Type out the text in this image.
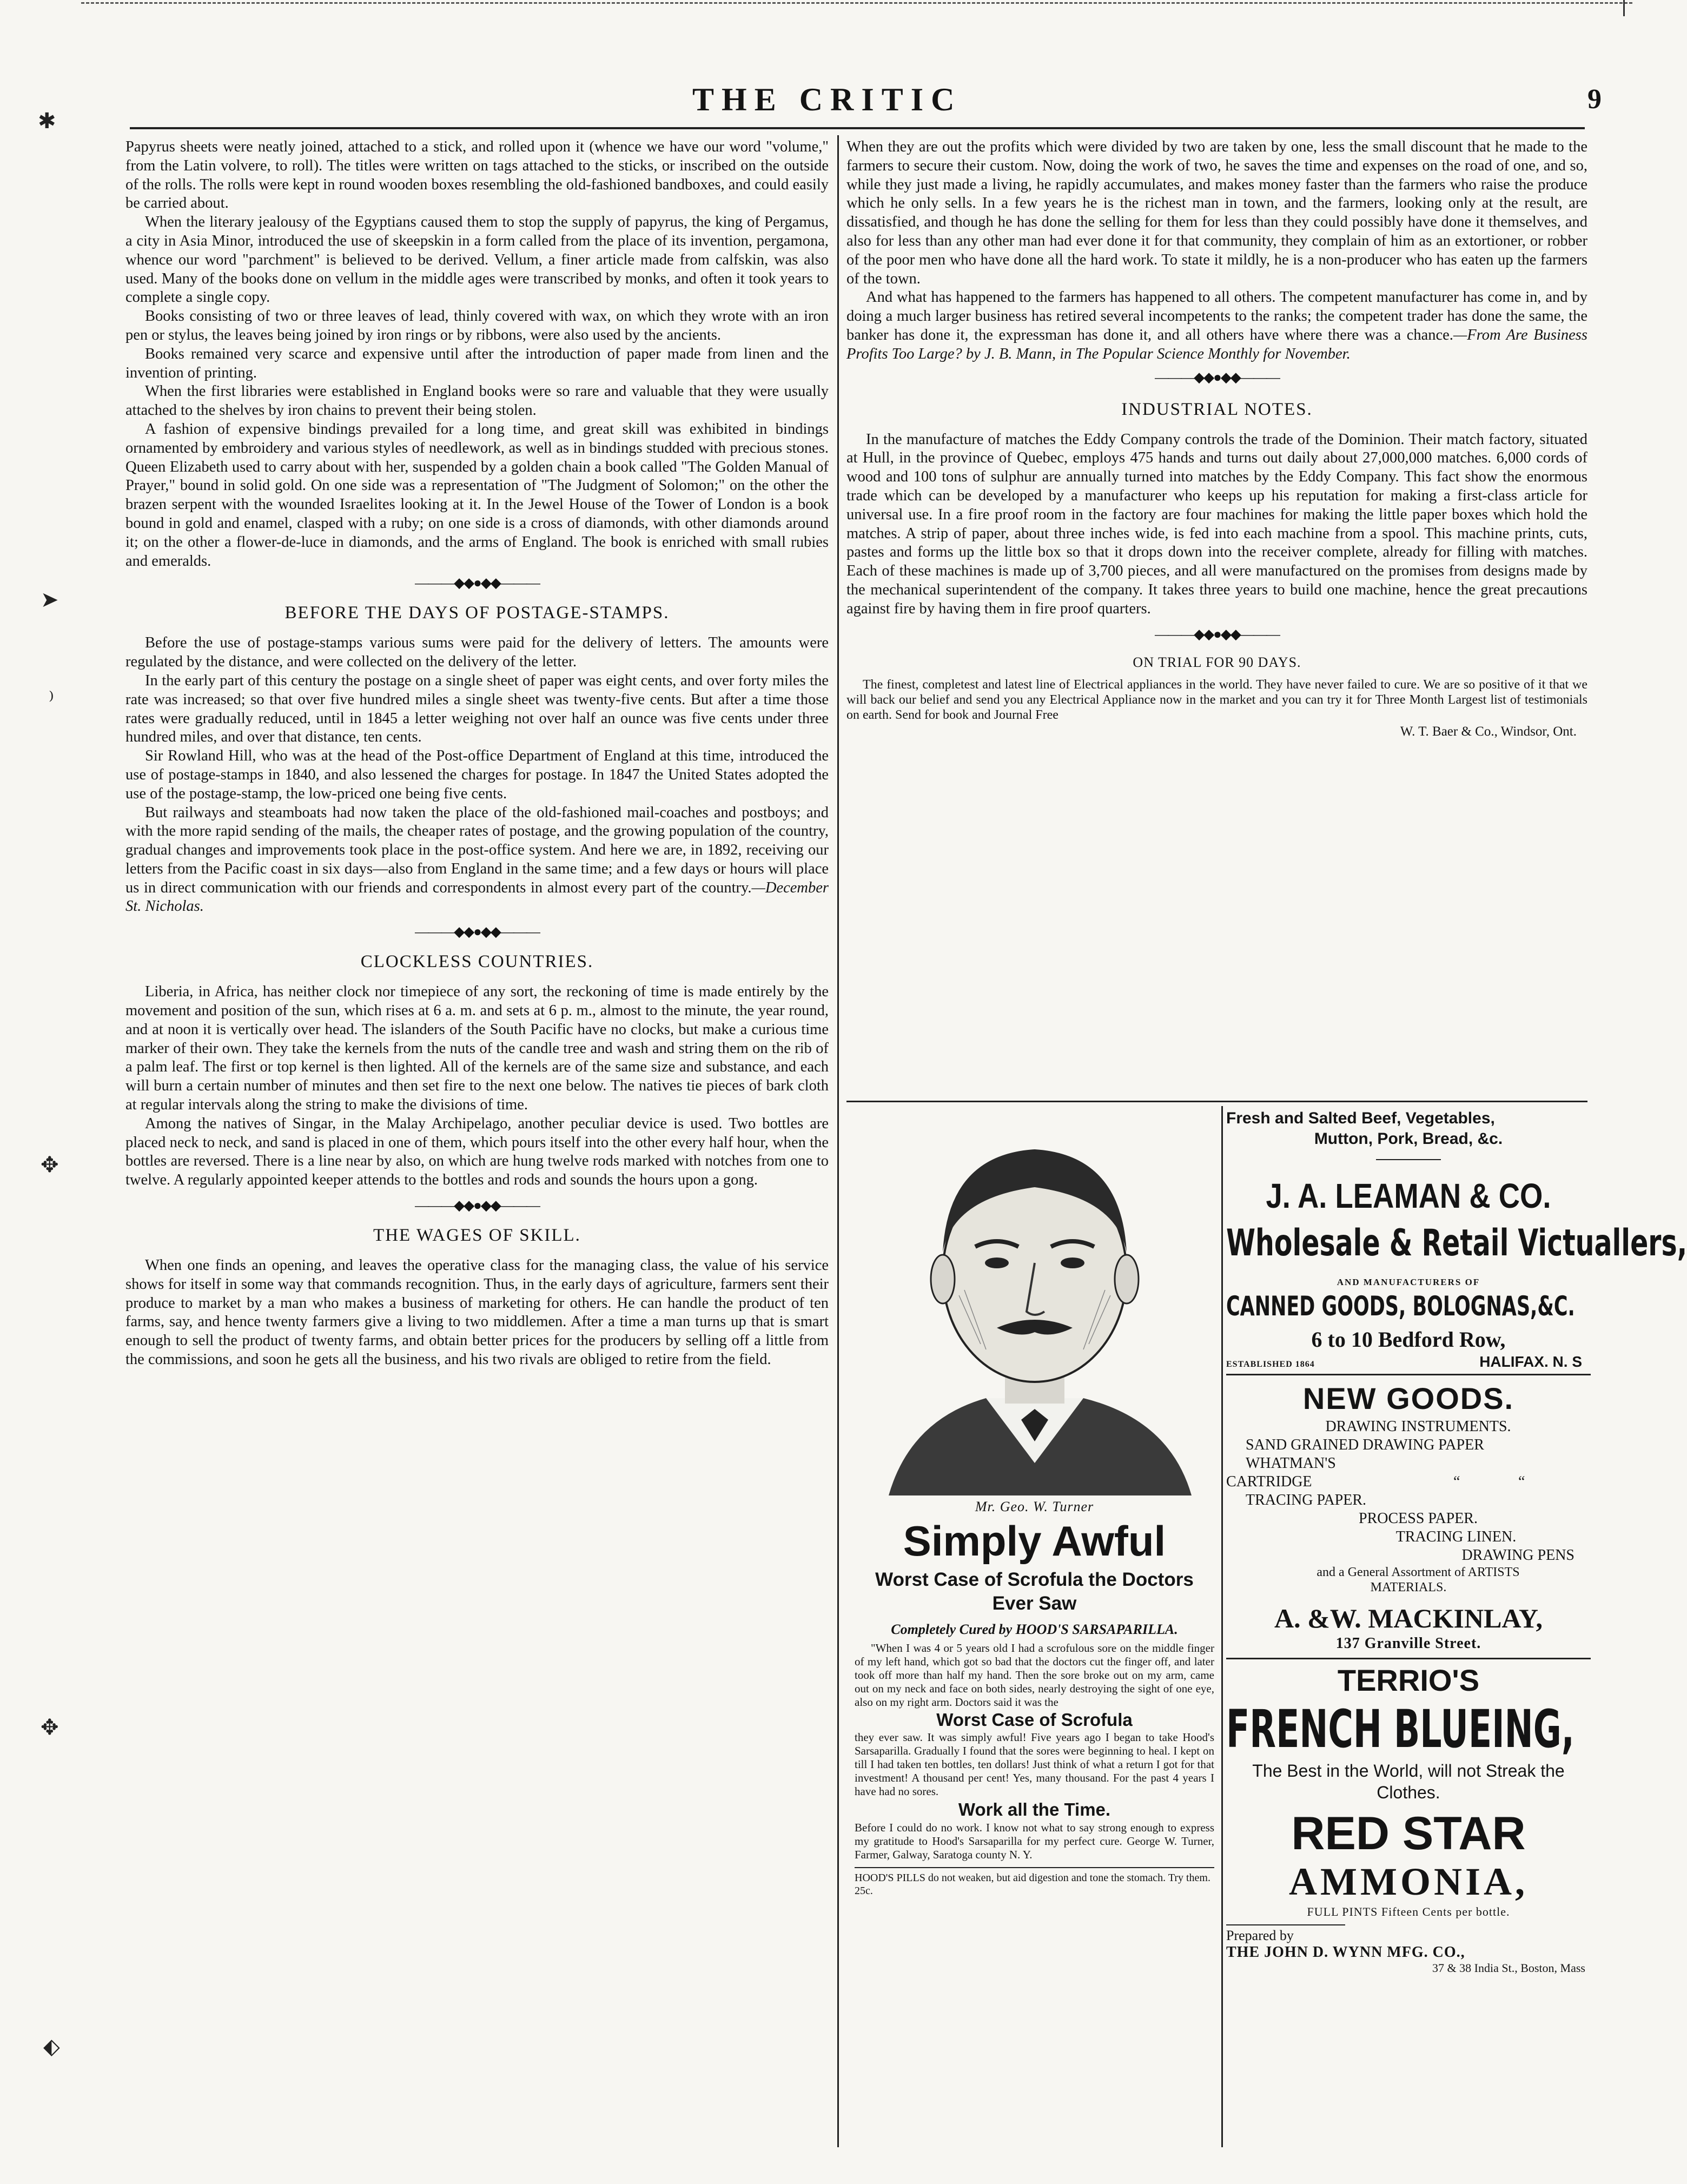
✱
➤
⁾
✥
✥
⬖
THE CRITIC	9

Papyrus sheets were neatly joined, attached to a stick, and rolled upon it (whence we have our word "volume," from the Latin volvere, to roll). The titles were written on tags attached to the sticks, or inscribed on the outside of the rolls. The rolls were kept in round wooden boxes resembling the old-fashioned bandboxes, and could easily be carried about.

When the literary jealousy of the Egyptians caused them to stop the supply of papyrus, the king of Pergamus, a city in Asia Minor, introduced the use of skeepskin in a form called from the place of its invention, pergamona, whence our word "parchment" is believed to be derived. Vellum, a finer article made from calfskin, was also used. Many of the books done on vellum in the middle ages were transcribed by monks, and often it took years to complete a single copy.

Books consisting of two or three leaves of lead, thinly covered with wax, on which they wrote with an iron pen or stylus, the leaves being joined by iron rings or by ribbons, were also used by the ancients.

Books remained very scarce and expensive until after the introduction of paper made from linen and the invention of printing.

When the first libraries were established in England books were so rare and valuable that they were usually attached to the shelves by iron chains to prevent their being stolen.

A fashion of expensive bindings prevailed for a long time, and great skill was exhibited in bindings ornamented by embroidery and various styles of needlework, as well as in bindings studded with precious stones. Queen Elizabeth used to carry about with her, suspended by a golden chain a book called "The Golden Manual of Prayer," bound in solid gold. On one side was a representation of "The Judgment of Solomon;" on the other the brazen serpent with the wounded Israelites looking at it. In the Jewel House of the Tower of London is a book bound in gold and enamel, clasped with a ruby; on one side is a cross of diamonds, with other diamonds around it; on the other a flower-de-luce in diamonds, and the arms of England. The book is enriched with small rubies and emeralds.

―――◆◆●◆◆―――
BEFORE THE DAYS OF POSTAGE-STAMPS.

Before the use of postage-stamps various sums were paid for the delivery of letters. The amounts were regulated by the distance, and were collected on the delivery of the letter.

In the early part of this century the postage on a single sheet of paper was eight cents, and over forty miles the rate was increased; so that over five hundred miles a single sheet was twenty-five cents. But after a time those rates were gradually reduced, until in 1845 a letter weighing not over half an ounce was five cents under three hundred miles, and over that distance, ten cents.

Sir Rowland Hill, who was at the head of the Post-office Department of England at this time, introduced the use of postage-stamps in 1840, and also lessened the charges for postage. In 1847 the United States adopted the use of the postage-stamp, the low-priced one being five cents.

But railways and steamboats had now taken the place of the old-fashioned mail-coaches and postboys; and with the more rapid sending of the mails, the cheaper rates of postage, and the growing population of the country, gradual changes and improvements took place in the post-office system. And here we are, in 1892, receiving our letters from the Pacific coast in six days—also from England in the same time; and a few days or hours will place us in direct communication with our friends and correspondents in almost every part of the country.—December St. Nicholas.

―――◆◆●◆◆―――
CLOCKLESS COUNTRIES.

Liberia, in Africa, has neither clock nor timepiece of any sort, the reckoning of time is made entirely by the movement and position of the sun, which rises at 6 a. m. and sets at 6 p. m., almost to the minute, the year round, and at noon it is vertically over head. The islanders of the South Pacific have no clocks, but make a curious time marker of their own. They take the kernels from the nuts of the candle tree and wash and string them on the rib of a palm leaf. The first or top kernel is then lighted. All of the kernels are of the same size and substance, and each will burn a certain number of minutes and then set fire to the next one below. The natives tie pieces of bark cloth at regular intervals along the string to make the divisions of time.

Among the natives of Singar, in the Malay Archipelago, another peculiar device is used. Two bottles are placed neck to neck, and sand is placed in one of them, which pours itself into the other every half hour, when the bottles are reversed. There is a line near by also, on which are hung twelve rods marked with notches from one to twelve. A regularly appointed keeper attends to the bottles and rods and sounds the hours upon a gong.

―――◆◆●◆◆―――
THE WAGES OF SKILL.

When one finds an opening, and leaves the operative class for the managing class, the value of his service shows for itself in some way that commands recognition. Thus, in the early days of agriculture, farmers sent their produce to market by a man who makes a business of marketing for others. He can handle the product of ten farms, say, and hence twenty farmers give a living to two middlemen. After a time a man turns up that is smart enough to sell the product of twenty farms, and obtain better prices for the producers by selling off a little from the commissions, and soon he gets all the business, and his two rivals are obliged to retire from the field.

When they are out the profits which were divided by two are taken by one, less the small discount that he made to the farmers to secure their custom. Now, doing the work of two, he saves the time and expenses on the road of one, and so, while they just made a living, he rapidly accumulates, and makes money faster than the farmers who raise the produce which he only sells. In a few years he is the richest man in town, and the farmers, looking only at the result, are dissatisfied, and though he has done the selling for them for less than they could possibly have done it themselves, and also for less than any other man had ever done it for that community, they complain of him as an extortioner, or robber of the poor men who have done all the hard work. To state it mildly, he is a non-producer who has eaten up the farmers of the town.

And what has happened to the farmers has happened to all others. The competent manufacturer has come in, and by doing a much larger business has retired several incompetents to the ranks; the competent trader has done the same, the banker has done it, the expressman has done it, and all others have where there was a chance.—From Are Business Profits Too Large? by J. B. Mann, in The Popular Science Monthly for November.

―――◆◆●◆◆―――
INDUSTRIAL NOTES.

In the manufacture of matches the Eddy Company controls the trade of the Dominion. Their match factory, situated at Hull, in the province of Quebec, employs 475 hands and turns out daily about 27,000,000 matches. 6,000 cords of wood and 100 tons of sulphur are annually turned into matches by the Eddy Company. This fact show the enormous trade which can be developed by a manufacturer who keeps up his reputation for making a first-class article for universal use. In a fire proof room in the factory are four machines for making the little paper boxes which hold the matches. A strip of paper, about three inches wide, is fed into each machine from a spool. This machine prints, cuts, pastes and forms up the little box so that it drops down into the receiver complete, already for filling with matches. Each of these machines is made up of 3,700 pieces, and all were manufactured on the promises from designs made by the mechanical superintendent of the company. It takes three years to build one machine, hence the great precautions against fire by having them in fire proof quarters.

―――◆◆●◆◆―――
ON TRIAL FOR 90 DAYS.

The finest, completest and latest line of Electrical appliances in the world. They have never failed to cure. We are so positive of it that we will back our belief and send you any Electrical Appliance now in the market and you can try it for Three Month Largest list of testimonials on earth. Send for book and Journal Free

W. T. Baer & Co., Windsor, Ont.

Mr. Geo. W. Turner
Simply Awful
Worst Case of Scrofula the Doctors Ever Saw
Completely Cured by HOOD'S SARSAPARILLA.

"When I was 4 or 5 years old I had a scrofulous sore on the middle finger of my left hand, which got so bad that the doctors cut the finger off, and later took off more than half my hand. Then the sore broke out on my arm, came out on my neck and face on both sides, nearly destroying the sight of one eye, also on my right arm. Doctors said it was the

Worst Case of Scrofula

they ever saw. It was simply awful! Five years ago I began to take Hood's Sarsaparilla. Gradually I found that the sores were beginning to heal. I kept on till I had taken ten bottles, ten dollars! Just think of what a return I got for that investment! A thousand per cent! Yes, many thousand. For the past 4 years I have had no sores.

Work all the Time.

Before I could do no work. I know not what to say strong enough to express my gratitude to Hood's Sarsaparilla for my perfect cure. George W. Turner, Farmer, Galway, Saratoga county N. Y.

HOOD'S PILLS do not weaken, but aid digestion and tone the stomach. Try them. 25c.
Fresh and Salted Beef, Vegetables,
Mutton, Pork, Bread, &c.
J. A. LEAMAN & CO.
Wholesale & Retail Victuallers,
AND MANUFACTURERS OF
CANNED GOODS, BOLOGNAS,&C.
6 to 10 Bedford Row,
ESTABLISHED 1864	HALIFAX. N. S
NEW GOODS.

DRAWING INSTRUMENTS.

SAND GRAINED DRAWING PAPER

WHATMAN'S

CARTRIDGE	“	“

TRACING PAPER.

PROCESS PAPER.

TRACING LINEN.

DRAWING PENS

and a General Assortment of ARTISTS MATERIALS.

A. &W. MACKINLAY,
137 Granville Street.
TERRIO'S
FRENCH BLUEING,
The Best in the World, will not Streak the Clothes.
RED STAR
AMMONIA,
FULL PINTS Fifteen Cents per bottle.
Prepared by
THE JOHN D. WYNN MFG. CO.,
37 & 38 India St., Boston, Mass
